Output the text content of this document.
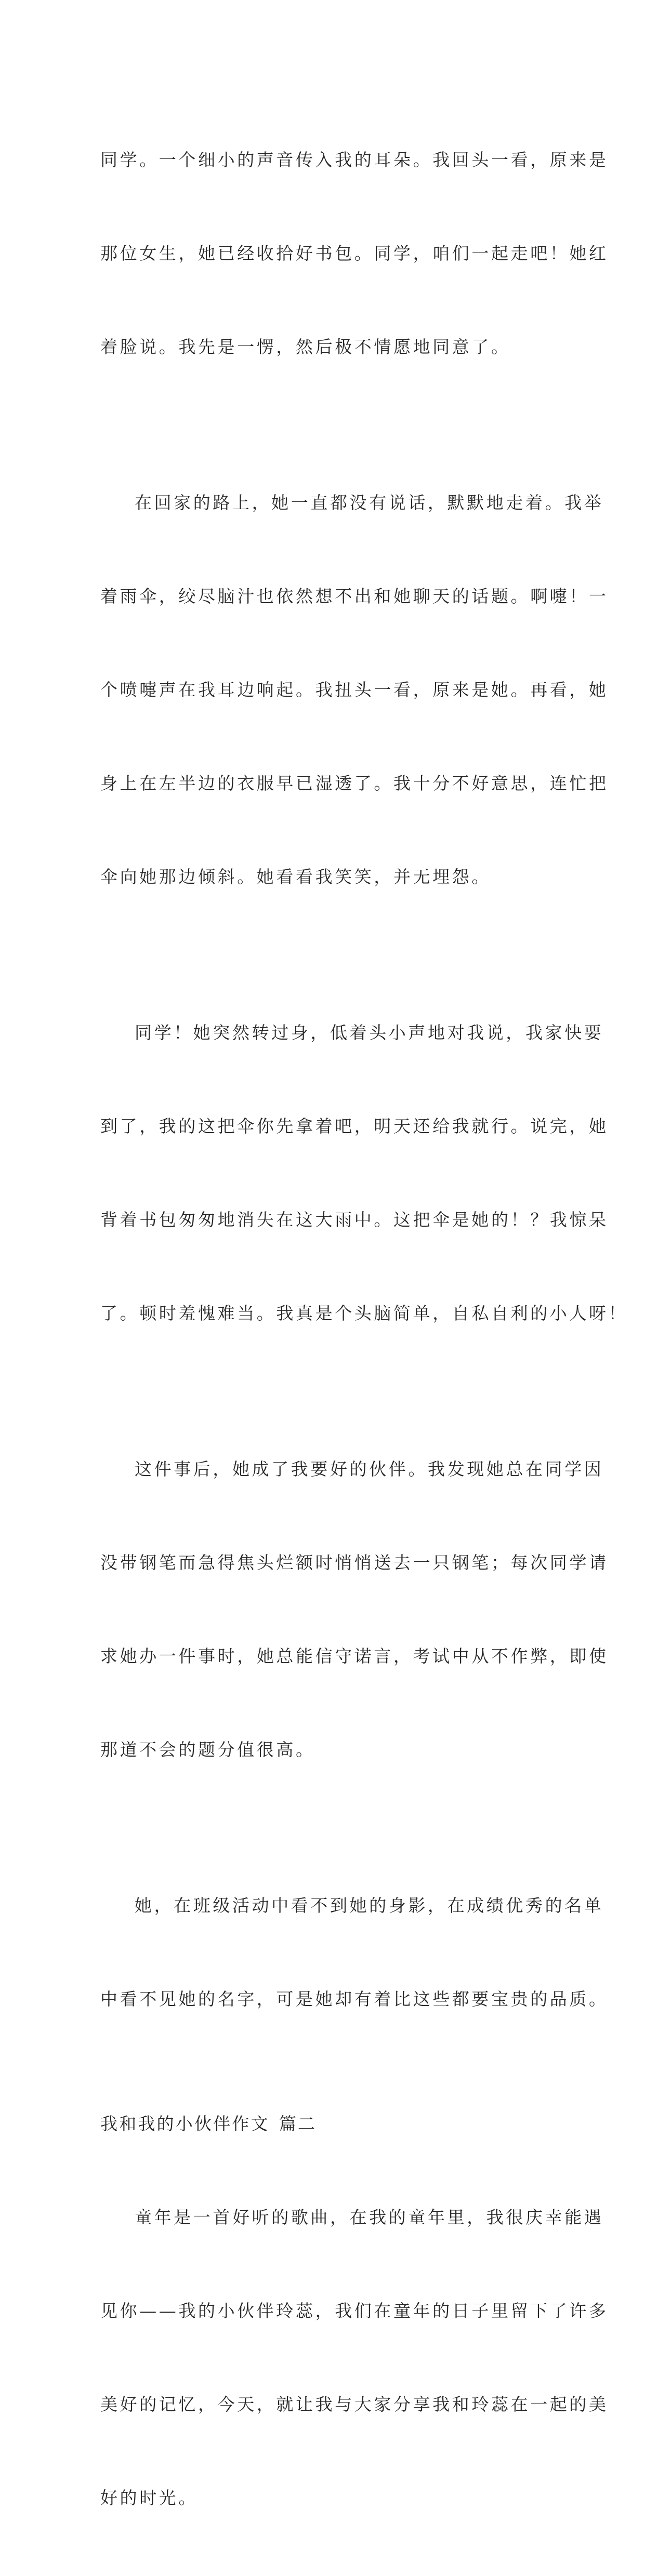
同学。一个细小的声音传入我的耳朵。我回头一看，原来是

那位女生，她已经收拾好书包。同学，咱们一起走吧！她红

着脸说。我先是一愣，然后极不情愿地同意了。

在回家的路上，她一直都没有说话，默默地走着。我举

着雨伞，绞尽脑汁也依然想不出和她聊天的话题。啊嚏！一

个喷嚏声在我耳边响起。我扭头一看，原来是她。再看，她

身上在左半边的衣服早已湿透了。我十分不好意思，连忙把

伞向她那边倾斜。她看看我笑笑，并无埋怨。

同学！她突然转过身，低着头小声地对我说，我家快要

到了，我的这把伞你先拿着吧，明天还给我就行。说完，她

背着书包匆匆地消失在这大雨中。这把伞是她的！？我惊呆

了。顿时羞愧难当。我真是个头脑简单，自私自利的小人呀！

这件事后，她成了我要好的伙伴。我发现她总在同学因

没带钢笔而急得焦头烂额时悄悄送去一只钢笔；每次同学请

求她办一件事时，她总能信守诺言，考试中从不作弊，即使

那道不会的题分值很高。

她，在班级活动中看不到她的身影，在成绩优秀的名单

中看不见她的名字，可是她却有着比这些都要宝贵的品质。

我和我的小伙伴作文 篇二

童年是一首好听的歌曲，在我的童年里，我很庆幸能遇

见你——我的小伙伴玲蕊，我们在童年的日子里留下了许多

美好的记忆，今天，就让我与大家分享我和玲蕊在一起的美

好的时光。
